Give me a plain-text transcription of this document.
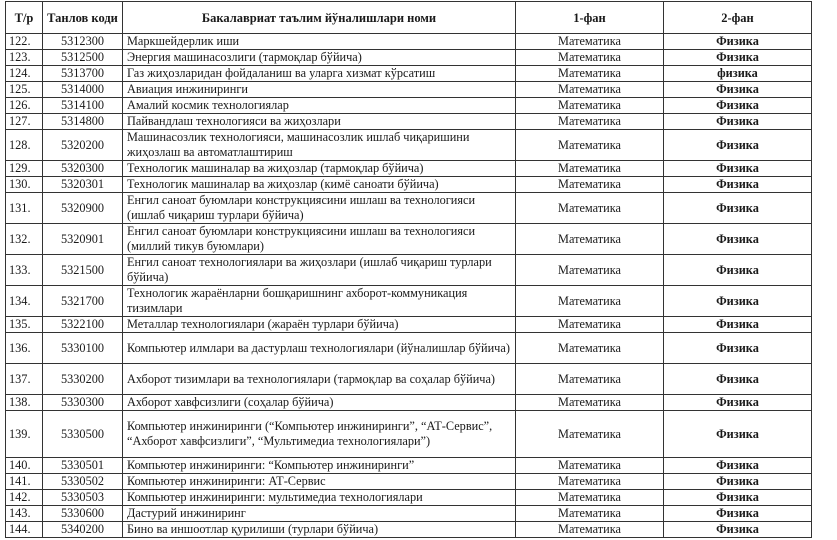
Т/р	Танлов коди	Бакалавриат таълим йўналишлари номи	1-фан	2-фан
122.	5312300	Маркшейдерлик иши	Математика	Физика
123.	5312500	Энергия машинасозлиги (тармоқлар бўйича)	Математика	Физика
124.	5313700	Газ жиҳозларидан фойдаланиш ва уларга хизмат кўрсатиш	Математика	физика
125.	5314000	Авиация инжиниринги	Математика	Физика
126.	5314100	Амалий космик технологиялар	Математика	Физика
127.	5314800	Пайвандлаш технологияси ва жиҳозлари	Математика	Физика
128.	5320200	Машинасозлик технологияси, машинасозлик ишлаб чиқаришини жиҳозлаш ва автоматлаштириш	Математика	Физика
129.	5320300	Технологик машиналар ва жиҳозлар (тармоқлар бўйича)	Математика	Физика
130.	5320301	Технологик машиналар ва жиҳозлар (кимё саноати бўйича)	Математика	Физика
131.	5320900	Енгил саноат буюмлари конструкциясини ишлаш ва технологияси (ишлаб чиқариш турлари бўйича)	Математика	Физика
132.	5320901	Енгил саноат буюмлари конструкциясини ишлаш ва технологияси (миллий тикув буюмлари)	Математика	Физика
133.	5321500	Енгил саноат технологиялари ва жиҳозлари (ишлаб чиқариш турлари бўйича)	Математика	Физика
134.	5321700	Технологик жараёнларни бошқаришнинг ахборот-коммуникация тизимлари	Математика	Физика
135.	5322100	Металлар технологиялари (жараён турлари бўйича)	Математика	Физика
136.	5330100	Компьютер илмлари ва дастурлаш технологиялари (йўналишлар бўйича)	Математика	Физика
137.	5330200	Ахборот тизимлари ва технологиялари (тармоқлар ва соҳалар бўйича)	Математика	Физика
138.	5330300	Ахборот хавфсизлиги (соҳалар бўйича)	Математика	Физика
139.	5330500	Компьютер инжиниринги (“Компьютер инжиниринги”, “АТ-Сервис”, “Ахборот хавфсизлиги”, “Мультимедиа технологиялари”)	Математика	Физика
140.	5330501	Компьютер инжиниринги: “Компьютер инжиниринги”	Математика	Физика
141.	5330502	Компьютер инжиниринги: АТ-Сервис	Математика	Физика
142.	5330503	Компьютер инжиниринги: мультимедиа технологиялари	Математика	Физика
143.	5330600	Дастурий инжиниринг	Математика	Физика
144.	5340200	Бино ва иншоотлар қурилиши (турлари бўйича)	Математика	Физика
